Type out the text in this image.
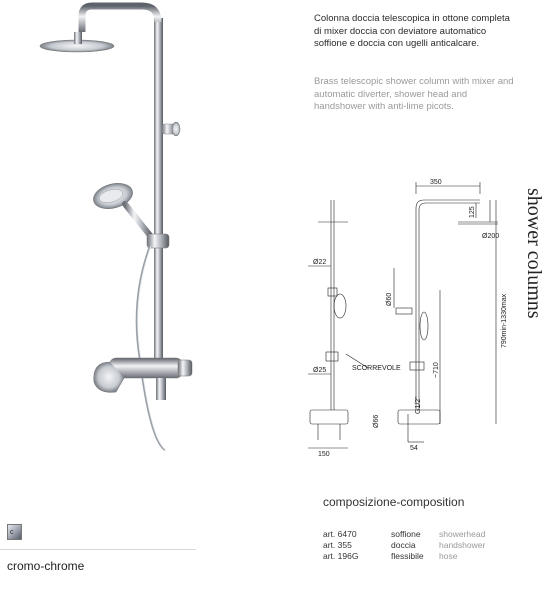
Colonna doccia telescopica in ottone completa di mixer doccia con deviatore automatico soffione e doccia con ugelli anticalcare.
Brass telescopic shower column with mixer and automatic diverter, shower head and handshower with anti-lime picots.
shower columns
350
125
Ø200
Ø22
Ø60	790min-1330max
SCORREVOLE
Ø25	~710
G1/2"
Ø66
54
150
composizione-composition
art. 6470	soffione	showerhead
art. 355	doccia	handshower
art. 196G	flessibile	hose
c
cromo-chrome
